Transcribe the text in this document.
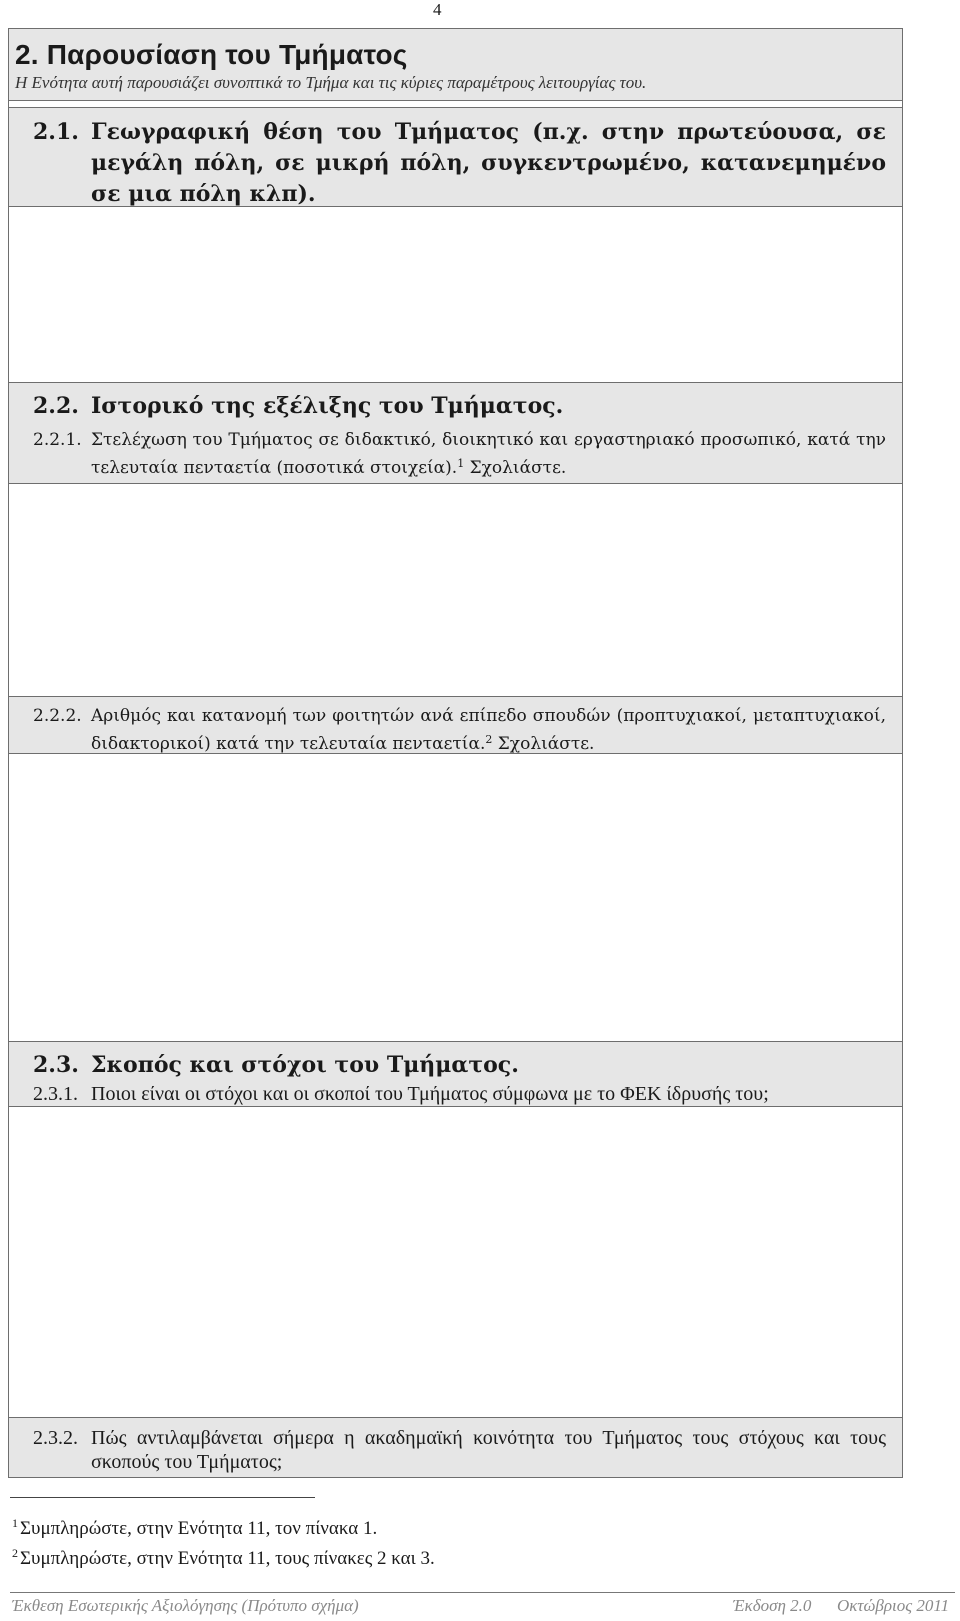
4
2. Παρουσίαση του Τμήματος
Η Ενότητα αυτή παρουσιάζει συνοπτικά το Τμήμα και τις κύριες παραμέτρους λειτουργίας του.
2.1. Γεωγραφική θέση του Τμήματος (π.χ. στην πρωτεύουσα, σε μεγάλη πόλη, σε μικρή πόλη, συγκεντρωμένο, κατανεμημένο σε μια πόλη κλπ).
2.2. Ιστορικό της εξέλιξης του Τμήματος.
2.2.1. Στελέχωση του Τμήματος σε διδακτικό, διοικητικό και εργαστηριακό προσωπικό, κατά την τελευταία πενταετία (ποσοτικά στοιχεία).$^1$ Σχολιάστε.
2.2.2. Αριθμός και κατανομή των φοιτητών ανά επίπεδο σπουδών (προπτυχιακοί, μεταπτυχιακοί, διδακτορικοί) κατά την τελευταία πενταετία.$^2$ Σχολιάστε.
2.3. Σκοπός και στόχοι του Τμήματος.
2.3.1. Ποιοι είναι οι στόχοι και οι σκοποί του Τμήματος σύμφωνα με το ΦΕΚ ίδρυσής του;
2.3.2. Πώς αντιλαμβάνεται σήμερα η ακαδημαϊκή κοινότητα του Τμήματος τους στόχους και τους σκοπούς του Τμήματος;
$^1$ Συμπληρώστε, στην Ενότητα 11, τον πίνακα 1.
$^2$ Συμπληρώστε, στην Ενότητα 11, τους πίνακες 2 και 3.
Έκθεση Εσωτερικής Αξιολόγησης (Πρότυπο σχήμα)	Έκδοση 2.0 Οκτώβριος 2011
